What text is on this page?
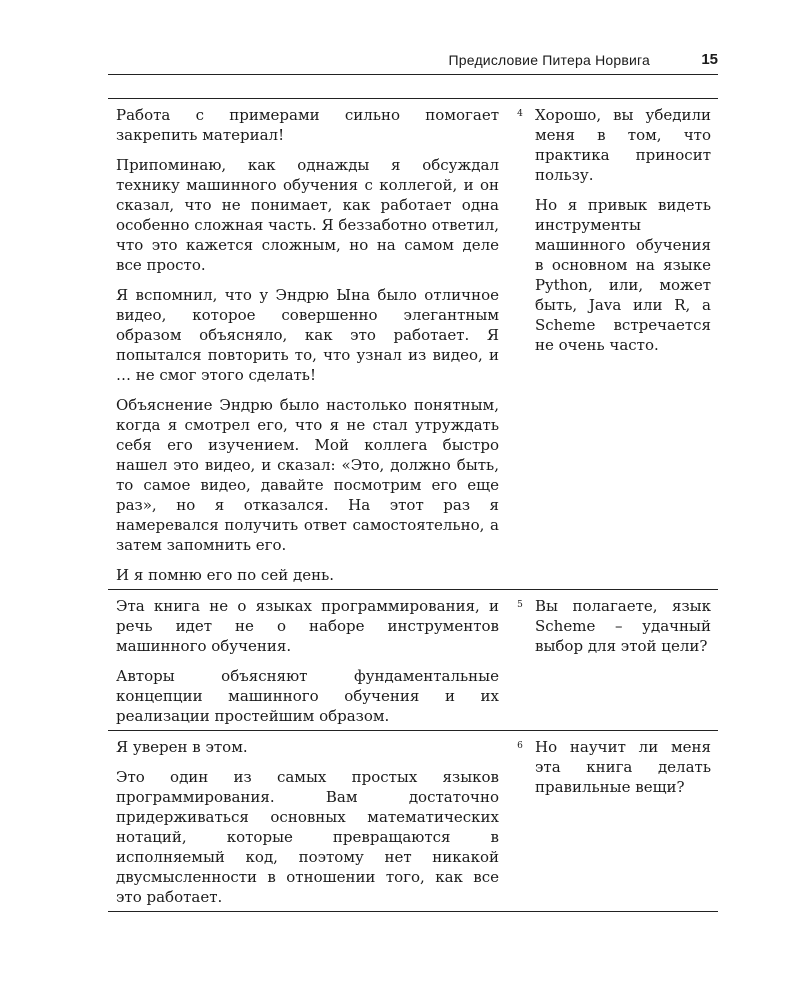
Предисловие Питера Норвига	15

Работа с примерами сильно помогает закрепить материал!

Припоминаю, как однажды я обсуждал технику машинного обучения с коллегой, и он сказал, что не понимает, как работает одна особенно сложная часть. Я беззаботно ответил, что это кажется сложным, но на самом деле все просто.

Я вспомнил, что у Эндрю Ына было отличное видео, которое совершенно элегантным образом объясняло, как это работает. Я попытался повторить то, что узнал из видео, и … не смог этого сделать!

Объяснение Эндрю было настолько понятным, когда я смотрел его, что я не стал утруждать себя его изучением. Мой коллега быстро нашел это видео, и сказал: «Это, должно быть, то самое видео, давайте посмотрим его еще раз», но я отказался. На этот раз я намеревался получить ответ самостоятельно, а затем запомнить его.

И я помню его по сей день.

4 Хорошо, вы убедили меня в том, что практика приносит пользу.

Но я привык видеть инструменты машинного обучения в основном на языке Python, или, может быть, Java или R, а Scheme встречается не очень часто.

Эта книга не о языках программирования, и речь идет не о наборе инструментов машинного обучения.

Авторы объясняют фундаментальные концепции машинного обучения и их реализации простейшим образом.

5 Вы полагаете, язык Scheme – удачный выбор для этой цели?

Я уверен в этом.

Это один из самых простых языков программирования. Вам достаточно придерживаться основных математических нотаций, которые превращаются в исполняемый код, поэтому нет никакой двусмысленности в отношении того, как все это работает.

6 Но научит ли меня эта книга делать правильные вещи?
